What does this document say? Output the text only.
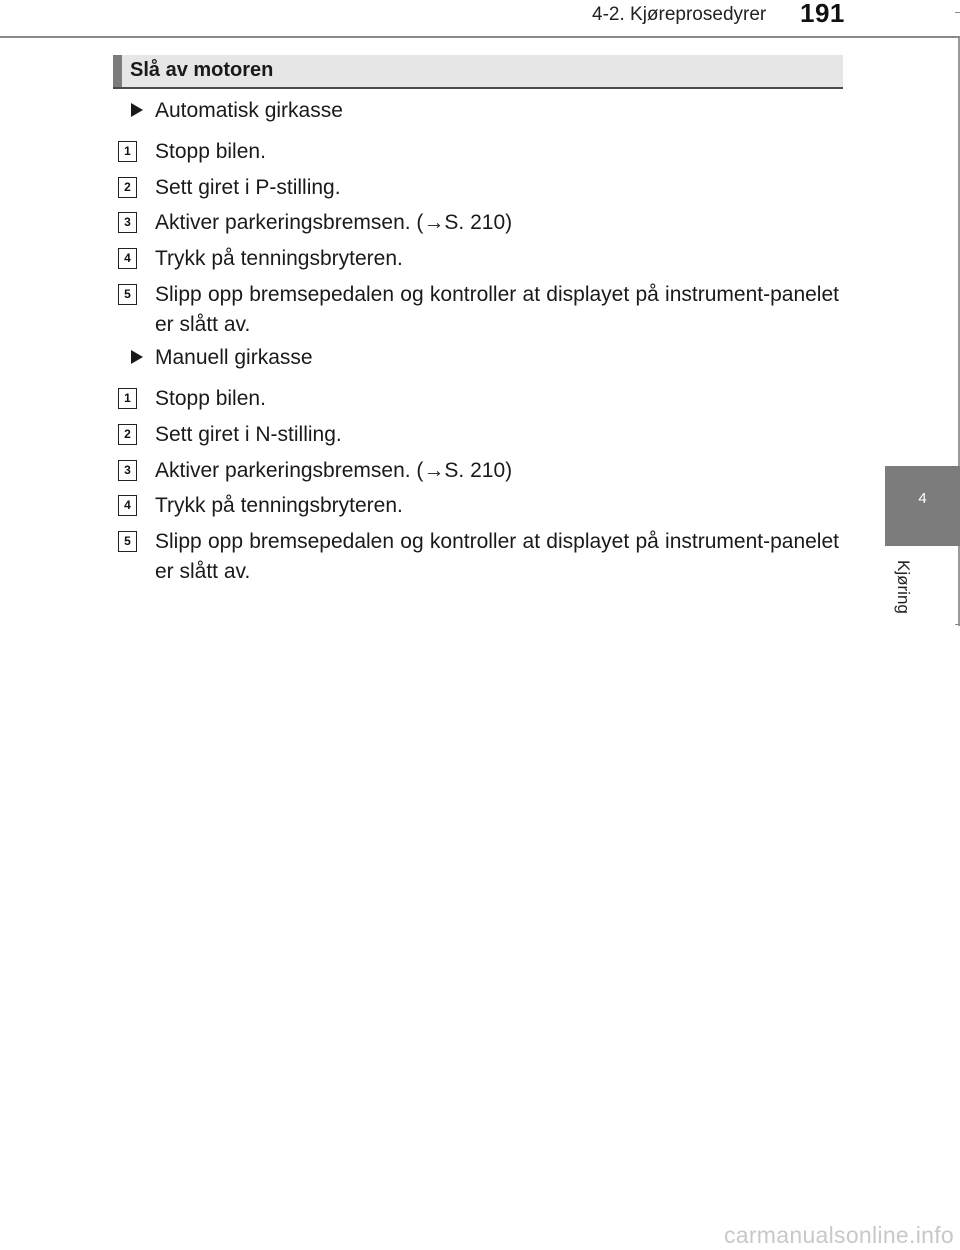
4-2. Kjøreprosedyrer 191
4
Kjøring
Slå av motoren
Automatisk girkasse
1 Stopp bilen.
2 Sett giret i P-stilling.
3 Aktiver parkeringsbremsen. (→S. 210)
4 Trykk på tenningsbryteren.
5 Slipp opp bremsepedalen og kontroller at displayet på instrument-panelet er slått av.
Manuell girkasse
1 Stopp bilen.
2 Sett giret i N-stilling.
3 Aktiver parkeringsbremsen. (→S. 210)
4 Trykk på tenningsbryteren.
5 Slipp opp bremsepedalen og kontroller at displayet på instrument-panelet er slått av.
carmanualsonline.info
